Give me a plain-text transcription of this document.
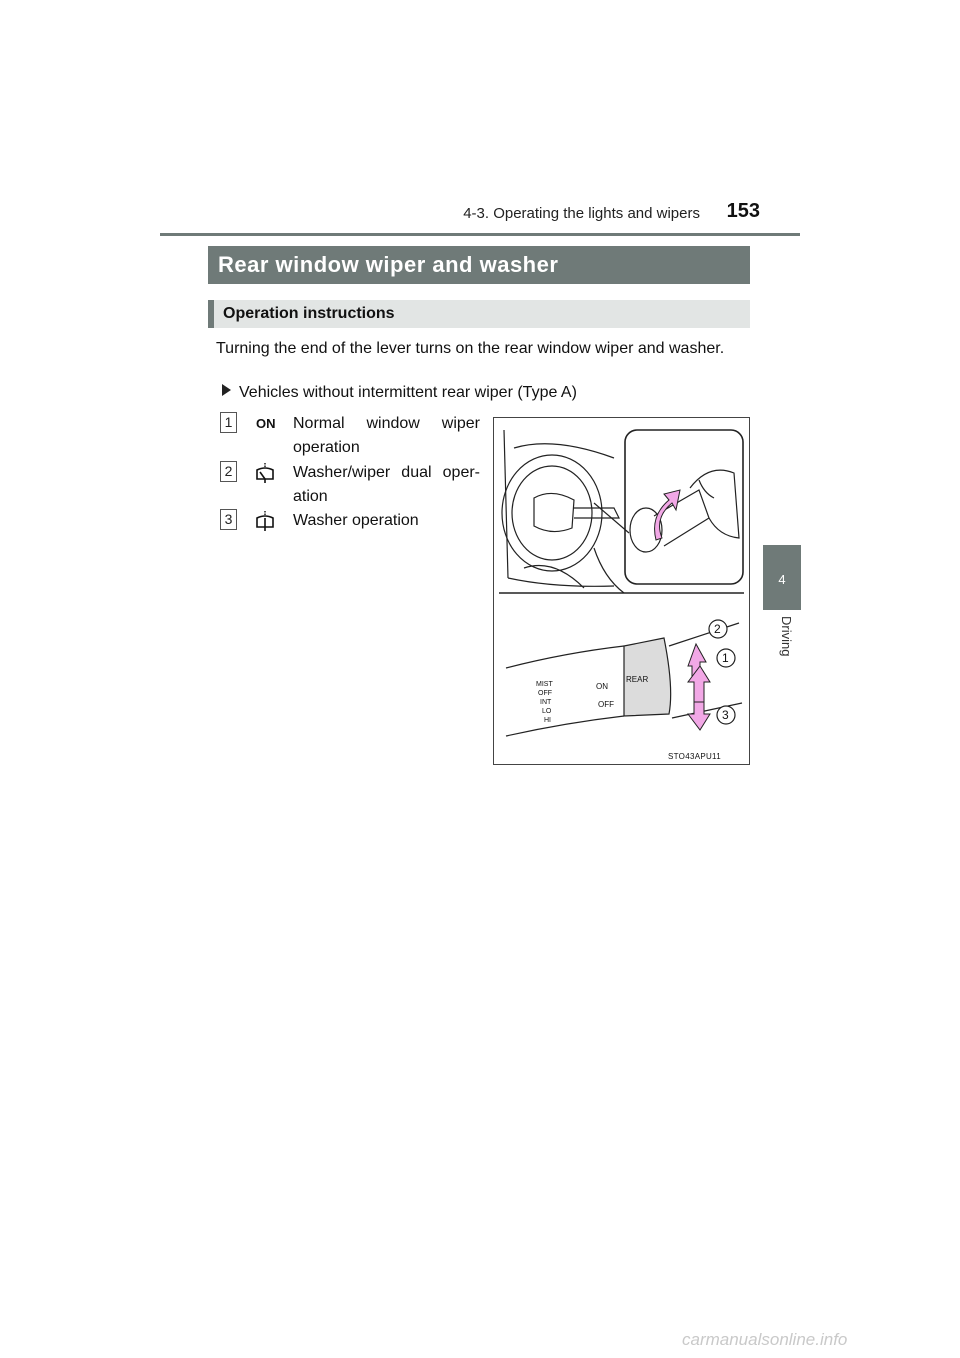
4-3. Operating the lights and wipers	153
Rear window wiper and washer
Operation instructions
Turning the end of the lever turns on the rear window wiper and washer.
Vehicles without intermittent rear wiper (Type A)
1	ON Normal window wiper operation
2	Washer/wiper dual oper-ation
3	Washer operation
MIST
OFF
INT
LO
HI
ON
OFF
REAR
2
1
3
STO43APU11
4
Driving
carmanualsonline.info
